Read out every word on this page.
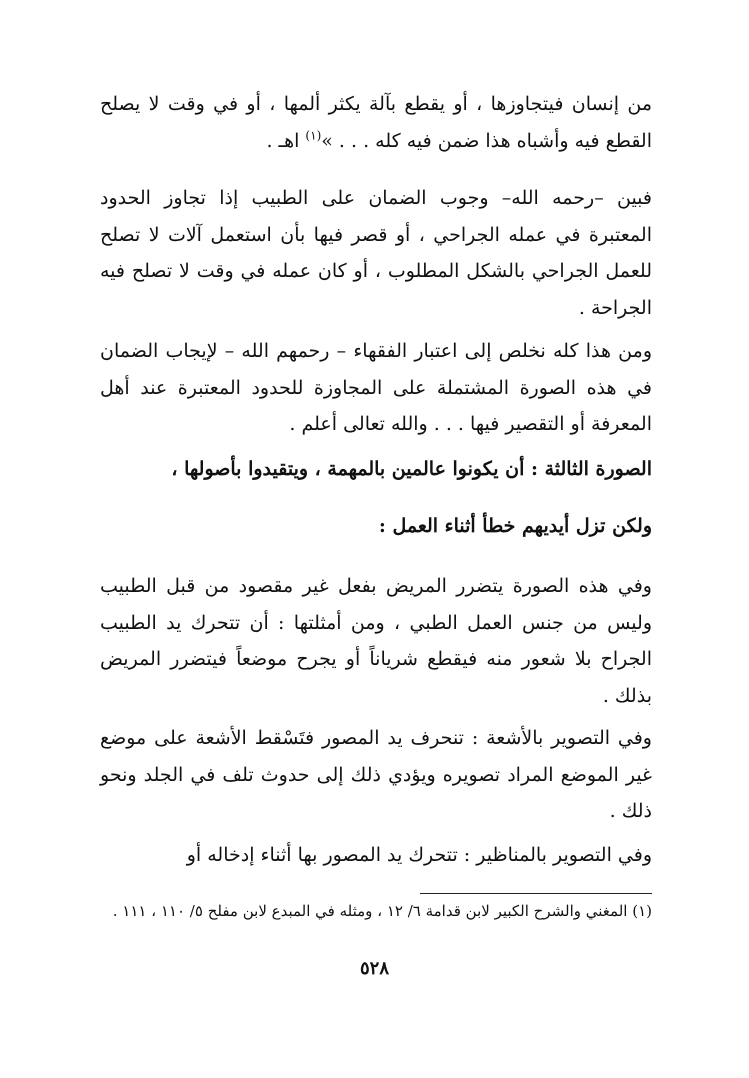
من إنسان فيتجاوزها ، أو يقطع بآلة يكثر ألمها ، أو في وقت لا يصلح القطع فيه وأشباه هذا ضمن فيه كله . . . »$^{(١)}$ اهـ .

فبين –رحمه الله– وجوب الضمان على الطبيب إذا تجاوز الحدود المعتبرة في عمله الجراحي ، أو قصر فيها بأن استعمل آلات لا تصلح للعمل الجراحي بالشكل المطلوب ، أو كان عمله في وقت لا تصلح فيه الجراحة .

ومن هذا كله نخلص إلى اعتبار الفقهاء – رحمهم الله – لإيجاب الضمان في هذه الصورة المشتملة على المجاوزة للحدود المعتبرة عند أهل المعرفة أو التقصير فيها . . . والله تعالى أعلم .

الصورة الثالثة : أن يكونوا عالمين بالمهمة ، ويتقيدوا بأصولها ،

ولكن تزل أيديهم خطأ أثناء العمل :

وفي هذه الصورة يتضرر المريض بفعل غير مقصود من قبل الطبيب وليس من جنس العمل الطبي ، ومن أمثلتها : أن تتحرك يد الطبيب الجراح بلا شعور منه فيقطع شرياناً أو يجرح موضعاً فيتضرر المريض بذلك .

وفي التصوير بالأشعة : تنحرف يد المصور فتَسْقط الأشعة على موضع غير الموضع المراد تصويره ويؤدي ذلك إلى حدوث تلف في الجلد ونحو ذلك .

وفي التصوير بالمناظير : تتحرك يد المصور بها أثناء إدخاله أو

(١) المغني والشرح الكبير لابن قدامة ٦/ ١٢ ، ومثله في المبدع لابن مفلح ٥/ ١١٠ ، ١١١ .

٥٢٨
